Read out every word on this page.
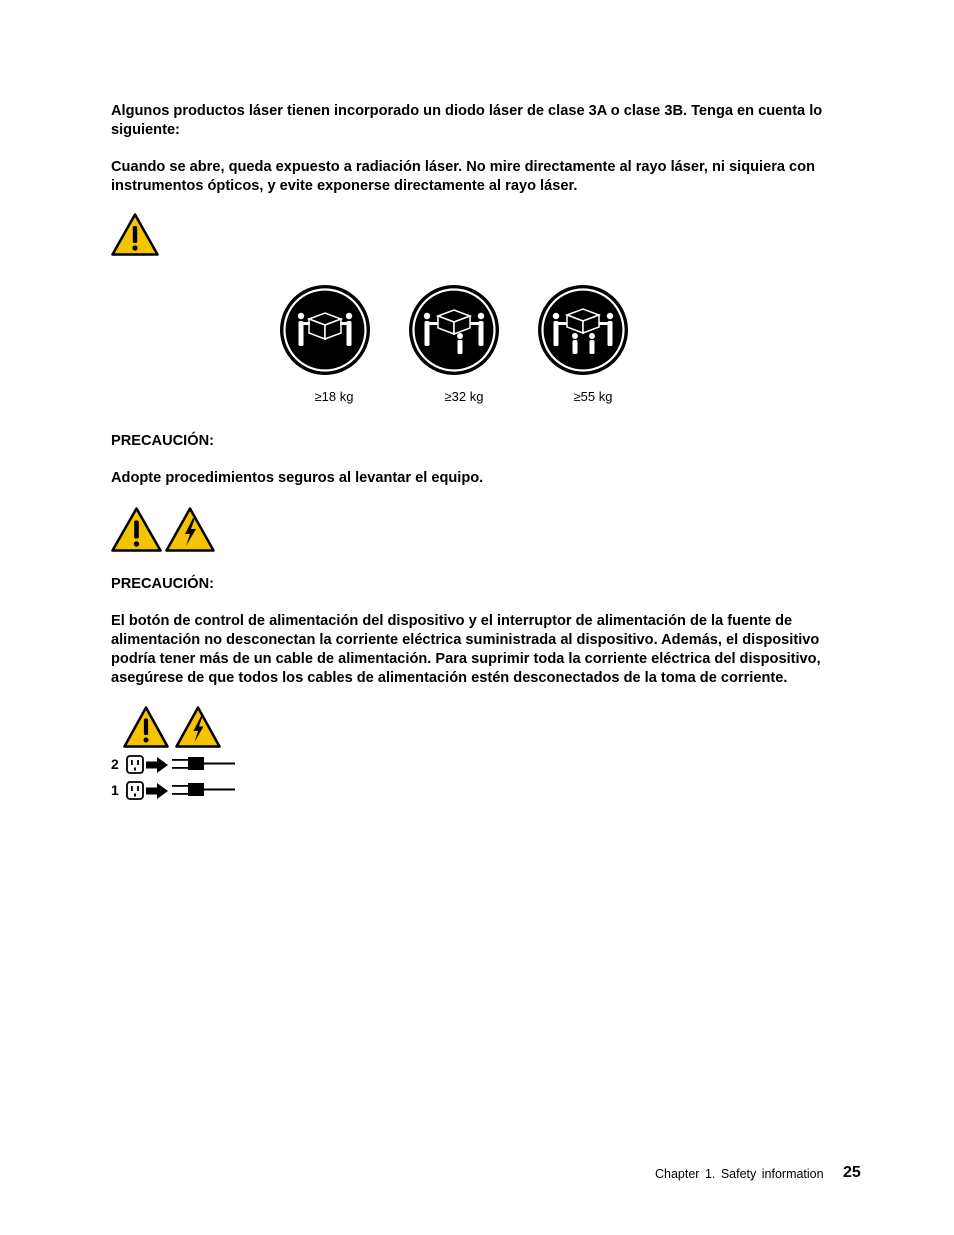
Algunos productos láser tienen incorporado un diodo láser de clase 3A o clase 3B. Tenga en cuenta lo siguiente:

Cuando se abre, queda expuesto a radiación láser. No mire directamente al rayo láser, ni siquiera con instrumentos ópticos, y evite exponerse directamente al rayo láser.

≥18 kg	≥32 kg	≥55 kg

PRECAUCIÓN:

Adopte procedimientos seguros al levantar el equipo.

PRECAUCIÓN:

El botón de control de alimentación del dispositivo y el interruptor de alimentación de la fuente de alimentación no desconectan la corriente eléctrica suministrada al dispositivo. Además, el dispositivo podría tener más de un cable de alimentación. Para suprimir toda la corriente eléctrica del dispositivo, asegúrese de que todos los cables de alimentación estén desconectados de la toma de corriente.

2
1
Chapter 1. Safety information 25
